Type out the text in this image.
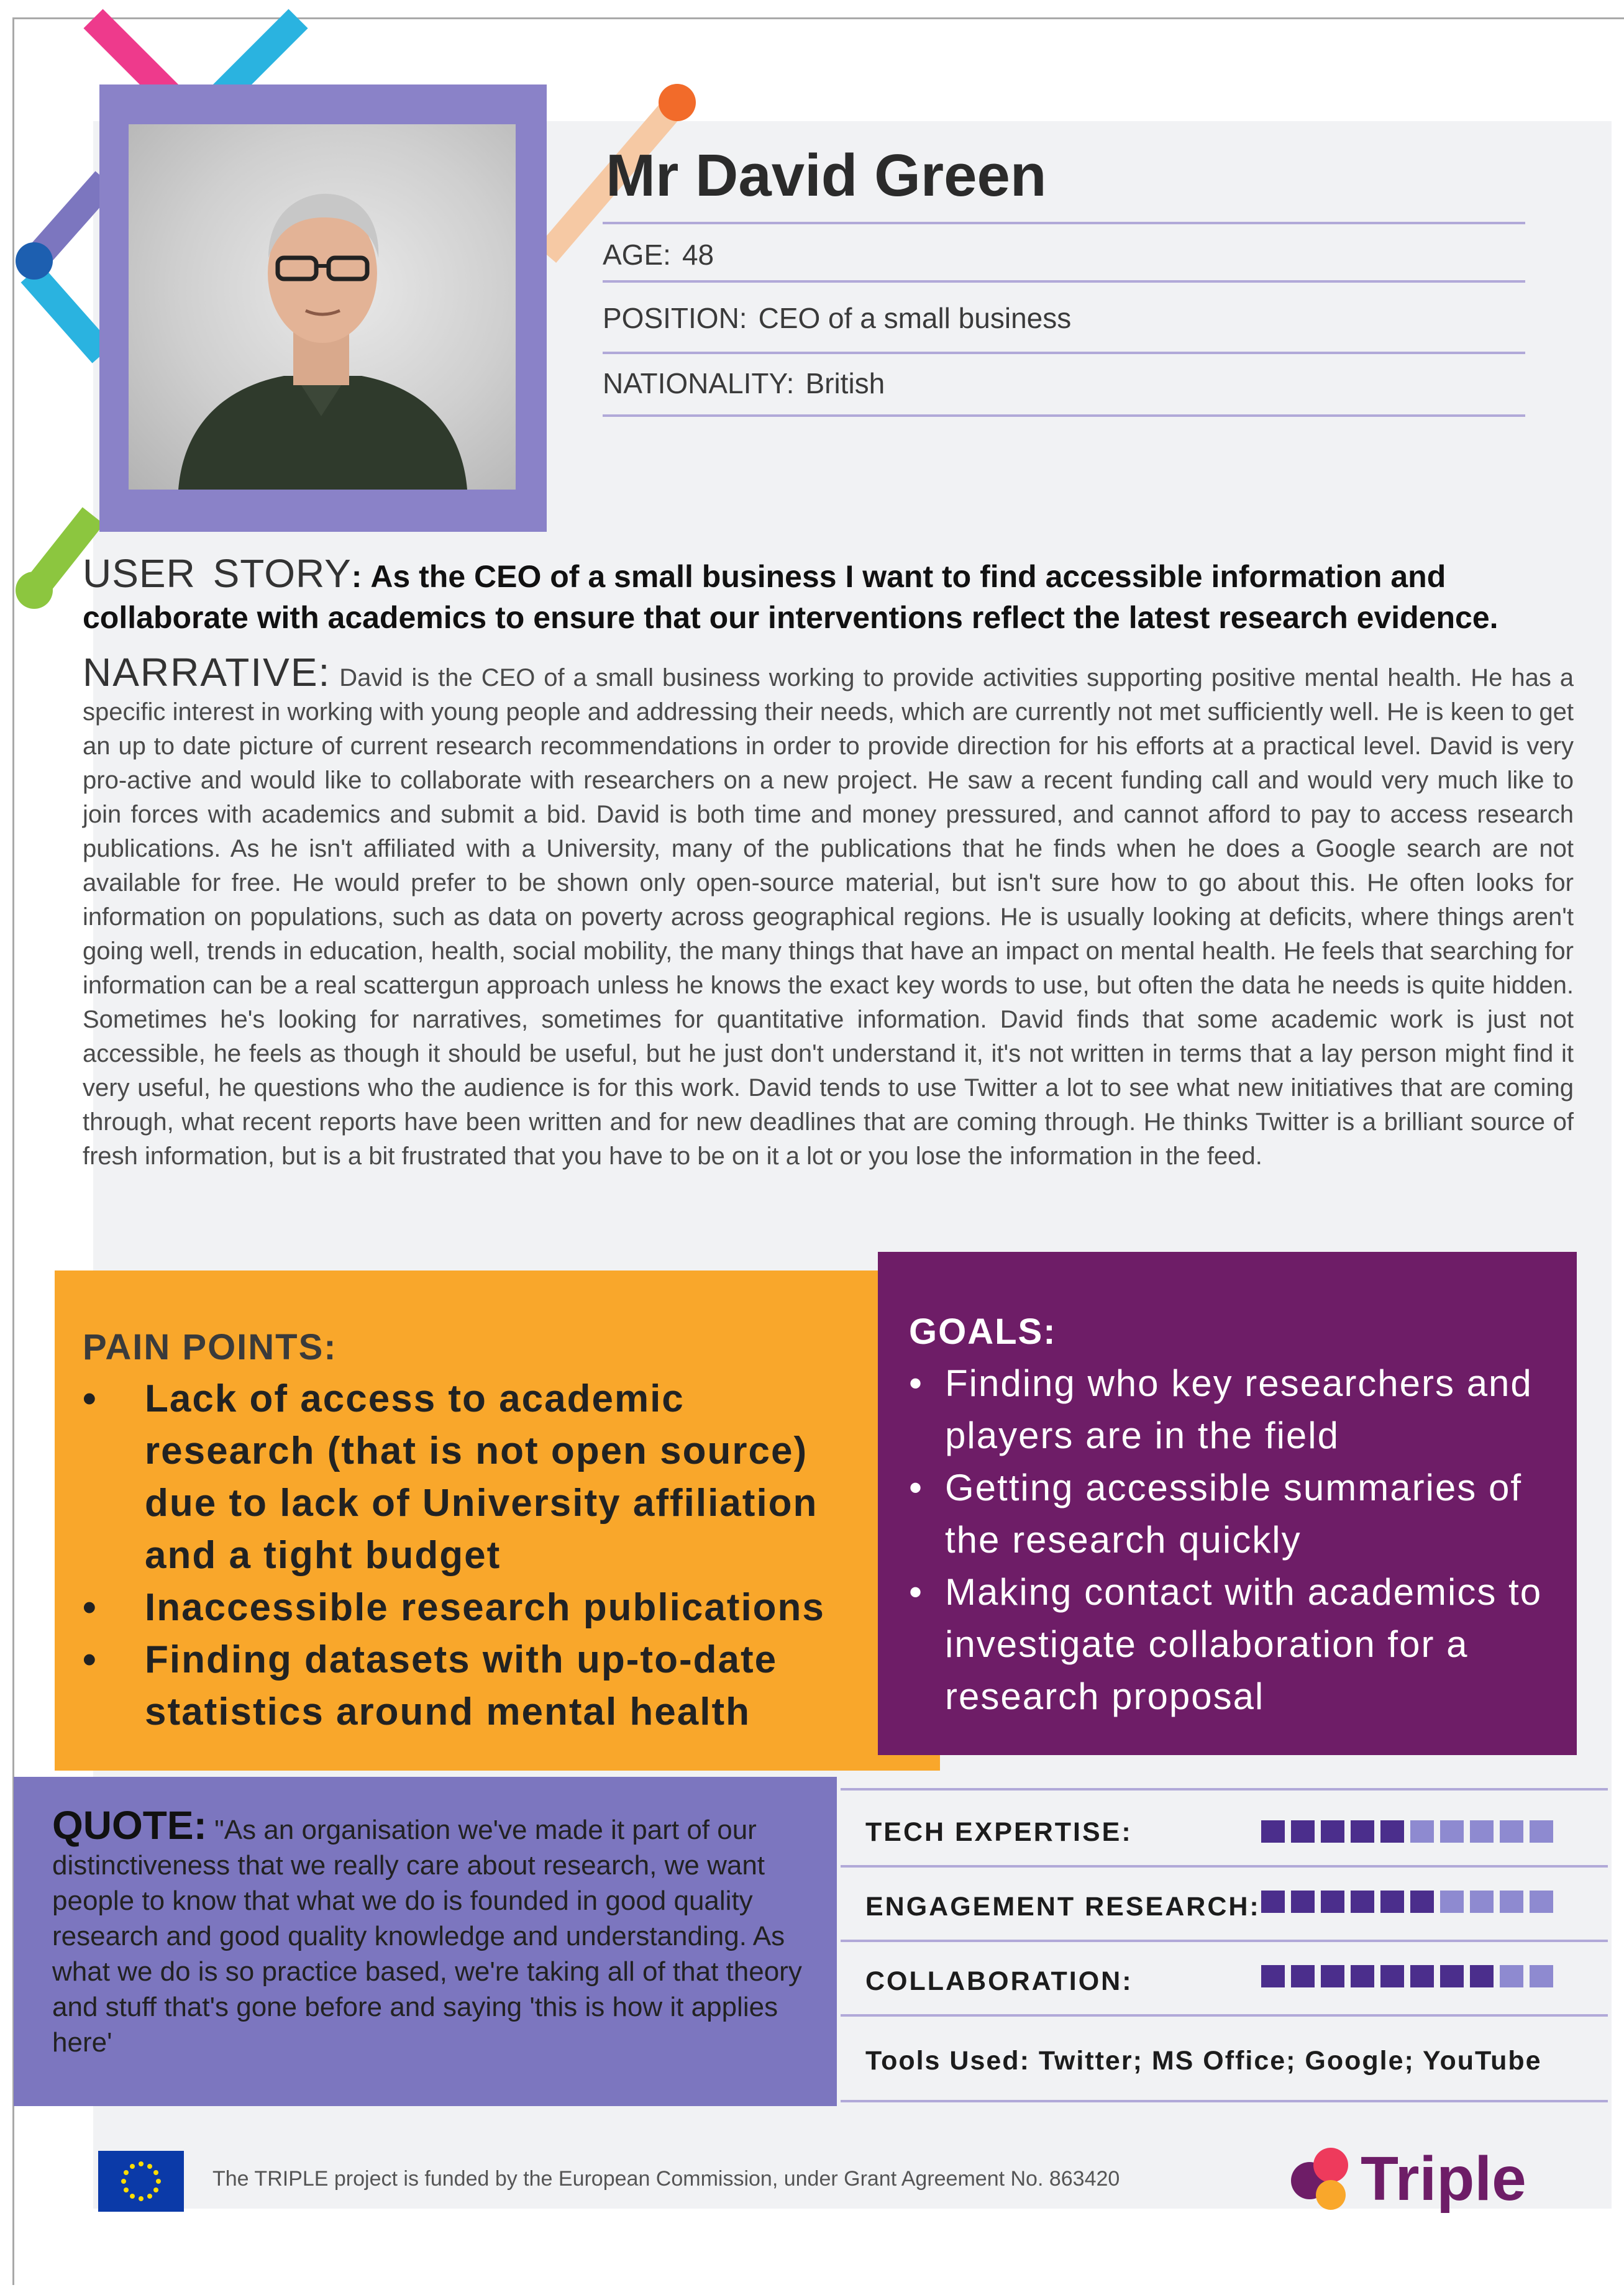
Mr David Green
AGE: 48
POSITION: CEO of a small business
NATIONALITY: British
USER STORY: As the CEO of a small business I want to find accessible information and collaborate with academics to ensure that our interventions reflect the latest research evidence.
NARRATIVE: David is the CEO of a small business working to provide activities supporting positive mental health. He has a specific interest in working with young people and addressing their needs, which are currently not met sufficiently well. He is keen to get an up to date picture of current research recommendations in order to provide direction for his efforts at a practical level. David is very pro-active and would like to collaborate with researchers on a new project. He saw a recent funding call and would very much like to join forces with academics and submit a bid. David is both time and money pressured, and cannot afford to pay to access research publications. As he isn't affiliated with a University, many of the publications that he finds when he does a Google search are not available for free. He would prefer to be shown only open-source material, but isn't sure how to go about this. He often looks for information on populations, such as data on poverty across geographical regions. He is usually looking at deficits, where things aren't going well, trends in education, health, social mobility, the many things that have an impact on mental health. He feels that searching for information can be a real scattergun approach unless he knows the exact key words to use, but often the data he needs is quite hidden. Sometimes he's looking for narratives, sometimes for quantitative information. David finds that some academic work is just not accessible, he feels as though it should be useful, but he just don't understand it, it's not written in terms that a lay person might find it very useful, he questions who the audience is for this work. David tends to use Twitter a lot to see what new initiatives that are coming through, what recent reports have been written and for new deadlines that are coming through. He thinks Twitter is a brilliant source of fresh information, but is a bit frustrated that you have to be on it a lot or you lose the information in the feed.
PAIN POINTS:
• Lack of access to academic research (that is not open source) due to lack of University affiliation and a tight budget
• Inaccessible research publications
• Finding datasets with up-to-date statistics around mental health
GOALS:
• Finding who key researchers and players are in the field
• Getting accessible summaries of the research quickly
• Making contact with academics to investigate collaboration for a research proposal
QUOTE: "As an organisation we've made it part of our distinctiveness that we really care about research, we want people to know that what we do is founded in good quality research and good quality knowledge and understanding. As what we do is so practice based, we're taking all of that theory and stuff that's gone before and saying 'this is how it applies here'
TECH EXPERTISE:
ENGAGEMENT RESEARCH:
COLLABORATION:
Tools Used: Twitter; MS Office; Google; YouTube
The TRIPLE project is funded by the European Commission, under Grant Agreement No. 863420	Triple
